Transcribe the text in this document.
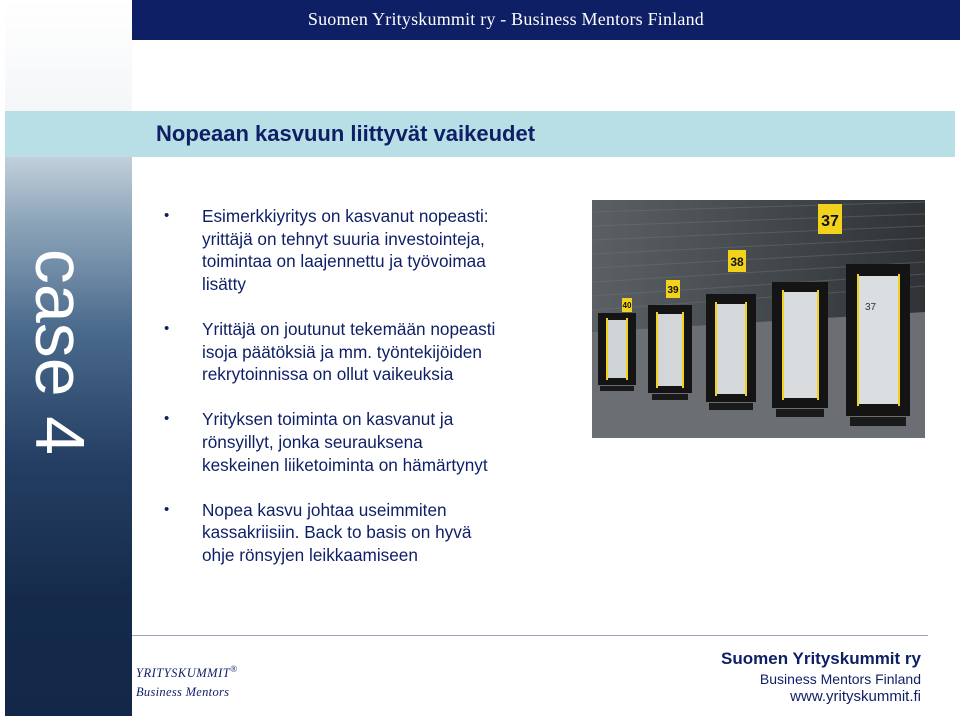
Suomen Yrityskummit ry - Business Mentors Finland
Nopeaan kasvuun liittyvät vaikeudet
case 4
• Esimerkkiyritys on kasvanut nopeasti:
yrittäjä on tehnyt suuria investointeja,
toimintaa on laajennettu ja työvoimaa
lisätty
• Yrittäjä on joutunut tekemään nopeasti
isoja päätöksiä ja mm. työntekijöiden
rekrytoinnissa on ollut vaikeuksia
• Yrityksen toiminta on kasvanut ja
rönsyillyt, jonka seurauksena
keskeinen liiketoiminta on hämärtynyt
• Nopea kasvu johtaa useimmiten
kassakriisiin. Back to basis on hyvä
ohje rönsyjen leikkaamiseen
40
39
38
37
37
YRITYSKUMMIT®
Business Mentors
Suomen Yrityskummit ry
Business Mentors Finland
www.yrityskummit.fi
